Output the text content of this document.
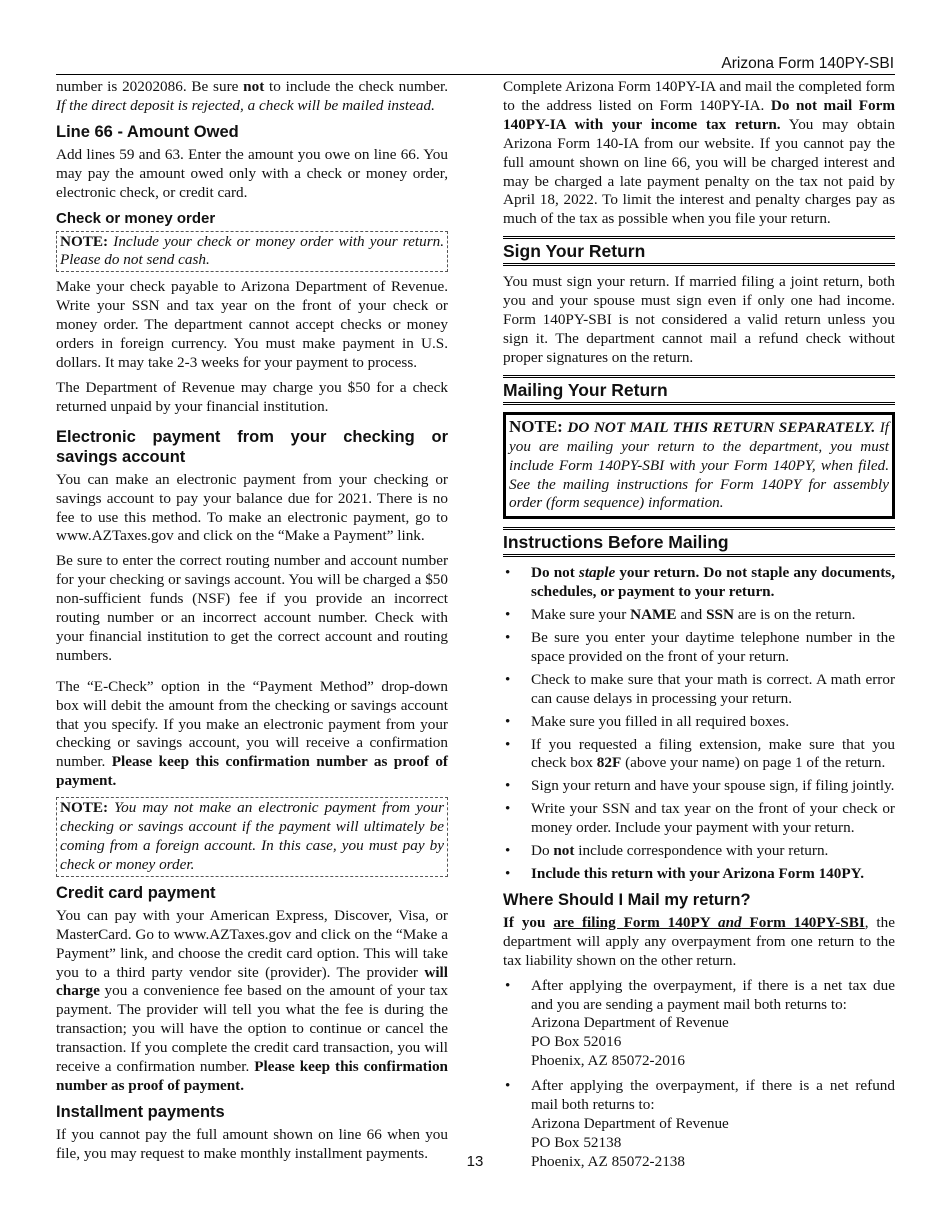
Arizona Form 140PY-SBI

number is 20202086. Be sure not to include the check number. If the direct deposit is rejected, a check will be mailed instead.

Line 66 - Amount Owed

Add lines 59 and 63. Enter the amount you owe on line 66. You may pay the amount owed only with a check or money order, electronic check, or credit card.

Check or money order
NOTE: Include your check or money order with your return. Please do not send cash.

Make your check payable to Arizona Department of Revenue. Write your SSN and tax year on the front of your check or money order. The department cannot accept checks or money orders in foreign currency. You must make payment in U.S. dollars. It may take 2-3 weeks for your payment to process.

The Department of Revenue may charge you $50 for a check returned unpaid by your financial institution.

Electronic payment from your checking or savings account

You can make an electronic payment from your checking or savings account to pay your balance due for 2021. There is no fee to use this method. To make an electronic payment, go to www.AZTaxes.gov and click on the “Make a Payment” link.

Be sure to enter the correct routing number and account number for your checking or savings account. You will be charged a $50 non-sufficient funds (NSF) fee if you provide an incorrect routing number or an incorrect account number. Check with your financial institution to get the correct account and routing numbers.

The “E-Check” option in the “Payment Method” drop-down box will debit the amount from the checking or savings account that you specify. If you make an electronic payment from your checking or savings account, you will receive a confirmation number. Please keep this confirmation number as proof of payment.

NOTE: You may not make an electronic payment from your checking or savings account if the payment will ultimately be coming from a foreign account. In this case, you must pay by check or money order.
Credit card payment

You can pay with your American Express, Discover, Visa, or MasterCard. Go to www.AZTaxes.gov and click on the “Make a Payment” link, and choose the credit card option. This will take you to a third party vendor site (provider). The provider will charge you a convenience fee based on the amount of your tax payment. The provider will tell you what the fee is during the transaction; you will have the option to continue or cancel the transaction. If you complete the credit card transaction, you will receive a confirmation number. Please keep this confirmation number as proof of payment.

Installment payments

If you cannot pay the full amount shown on line 66 when you file, you may request to make monthly installment payments.

Complete Arizona Form 140PY-IA and mail the completed form to the address listed on Form 140PY-IA. Do not mail Form 140PY-IA with your income tax return. You may obtain Arizona Form 140-IA from our website. If you cannot pay the full amount shown on line 66, you will be charged interest and may be charged a late payment penalty on the tax not paid by April 18, 2022. To limit the interest and penalty charges pay as much of the tax as possible when you file your return.

Sign Your Return

You must sign your return. If married filing a joint return, both you and your spouse must sign even if only one had income. Form 140PY-SBI is not considered a valid return unless you sign it. The department cannot mail a refund check without proper signatures on the return.

Mailing Your Return
NOTE: DO NOT MAIL THIS RETURN SEPARATELY. If you are mailing your return to the department, you must include Form 140PY-SBI with your Form 140PY, when filed. See the mailing instructions for Form 140PY for assembly order (form sequence) information.
Instructions Before Mailing
• Do not staple your return. Do not staple any documents, schedules, or payment to your return.
• Make sure your NAME and SSN are is on the return.
• Be sure you enter your daytime telephone number in the space provided on the front of your return.
• Check to make sure that your math is correct. A math error can cause delays in processing your return.
• Make sure you filled in all required boxes.
• If you requested a filing extension, make sure that you check box 82F (above your name) on page 1 of the return.
• Sign your return and have your spouse sign, if filing jointly.
• Write your SSN and tax year on the front of your check or money order. Include your payment with your return.
• Do not include correspondence with your return.
• Include this return with your Arizona Form 140PY.
Where Should I Mail my return?

If you are filing Form 140PY and Form 140PY-SBI, the department will apply any overpayment from one return to the tax liability shown on the other return.

• After applying the overpayment, if there is a net tax due and you are sending a payment mail both returns to:
Arizona Department of Revenue
PO Box 52016
Phoenix, AZ 85072-2016
• After applying the overpayment, if there is a net refund mail both returns to:
Arizona Department of Revenue
PO Box 52138
Phoenix, AZ 85072-2138
13
